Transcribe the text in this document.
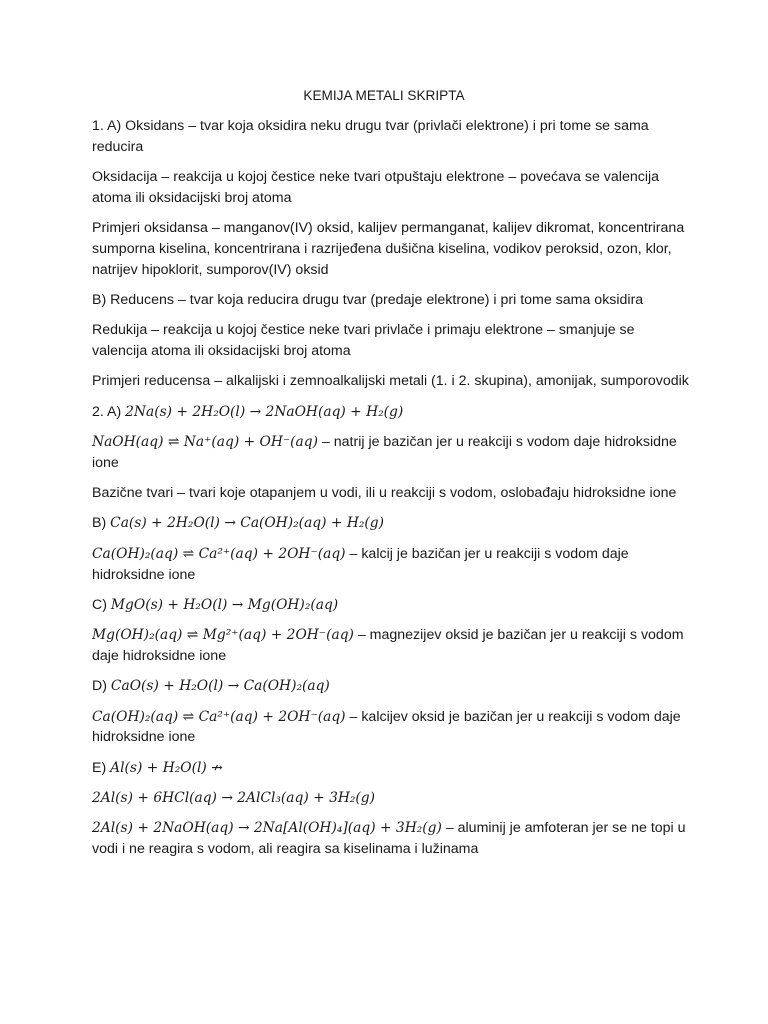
KEMIJA METALI SKRIPTA

1. A) Oksidans – tvar koja oksidira neku drugu tvar (privlači elektrone) i pri tome se sama reducira

Oksidacija – reakcija u kojoj čestice neke tvari otpuštaju elektrone – povećava se valencija atoma ili oksidacijski broj atoma

Primjeri oksidansa – manganov(IV) oksid, kalijev permanganat, kalijev dikromat, koncentrirana sumporna kiselina, koncentrirana i razrijeđena dušična kiselina, vodikov peroksid, ozon, klor, natrijev hipoklorit, sumporov(IV) oksid

B) Reducens – tvar koja reducira drugu tvar (predaje elektrone) i pri tome sama oksidira

Redukija – reakcija u kojoj čestice neke tvari privlače i primaju elektrone – smanjuje se valencija atoma ili oksidacijski broj atoma

Primjeri reducensa – alkalijski i zemnoalkalijski metali (1. i 2. skupina), amonijak, sumporovodik

2. A) 2Na(s) + 2H₂O(l) → 2NaOH(aq) + H₂(g)

NaOH(aq) ⇌ Na⁺(aq) + OH⁻(aq) – natrij je bazičan jer u reakciji s vodom daje hidroksidne ione

Bazične tvari – tvari koje otapanjem u vodi, ili u reakciji s vodom, oslobađaju hidroksidne ione

B) Ca(s) + 2H₂O(l) → Ca(OH)₂(aq) + H₂(g)

Ca(OH)₂(aq) ⇌ Ca²⁺(aq) + 2OH⁻(aq) – kalcij je bazičan jer u reakciji s vodom daje hidroksidne ione

C) MgO(s) + H₂O(l) → Mg(OH)₂(aq)

Mg(OH)₂(aq) ⇌ Mg²⁺(aq) + 2OH⁻(aq) – magnezijev oksid je bazičan jer u reakciji s vodom daje hidroksidne ione

D) CaO(s) + H₂O(l) → Ca(OH)₂(aq)

Ca(OH)₂(aq) ⇌ Ca²⁺(aq) + 2OH⁻(aq) – kalcijev oksid je bazičan jer u reakciji s vodom daje hidroksidne ione

E) Al(s) + H₂O(l) ↛

2Al(s) + 6HCl(aq) → 2AlCl₃(aq) + 3H₂(g)

2Al(s) + 2NaOH(aq) → 2Na[Al(OH)₄](aq) + 3H₂(g) – aluminij je amfoteran jer se ne topi u vodi i ne reagira s vodom, ali reagira sa kiselinama i lužinama
